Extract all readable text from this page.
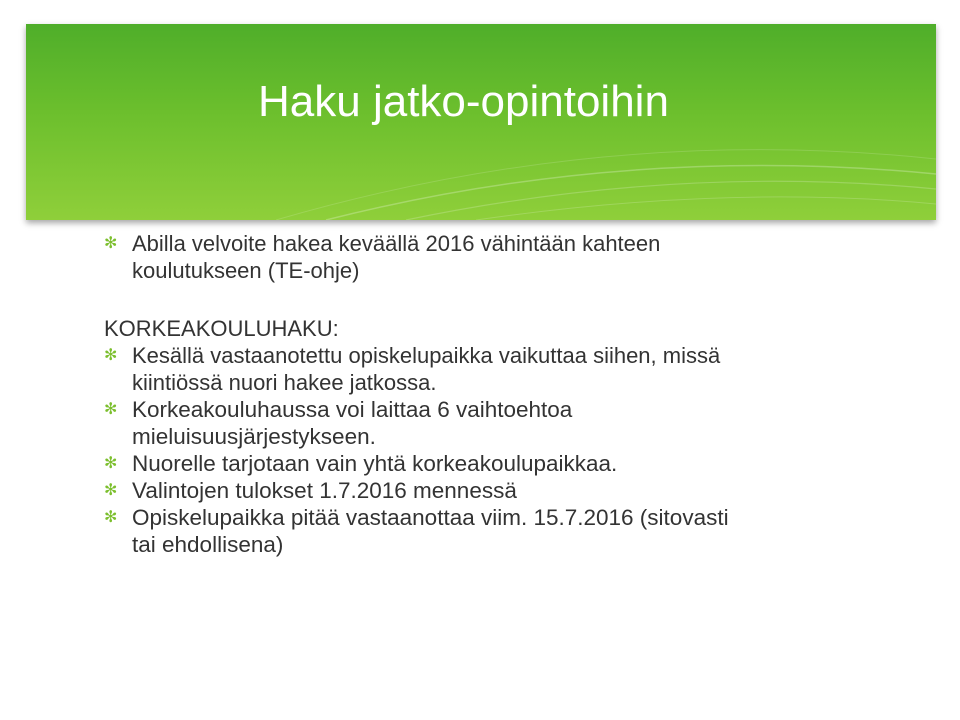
Haku jatko-opintoihin
✻ Abilla velvoite hakea keväällä 2016 vähintään kahteen
koulutukseen (TE-ohje)

KORKEAKOULUHAKU:

✻ Kesällä vastaanotettu opiskelupaikka vaikuttaa siihen, missä
kiintiössä nuori hakee jatkossa.
✻ Korkeakouluhaussa voi laittaa 6 vaihtoehtoa
mieluisuusjärjestykseen.
✻ Nuorelle tarjotaan vain yhtä korkeakoulupaikkaa.
✻ Valintojen tulokset 1.7.2016 mennessä
✻ Opiskelupaikka pitää vastaanottaa viim. 15.7.2016 (sitovasti
tai ehdollisena)
